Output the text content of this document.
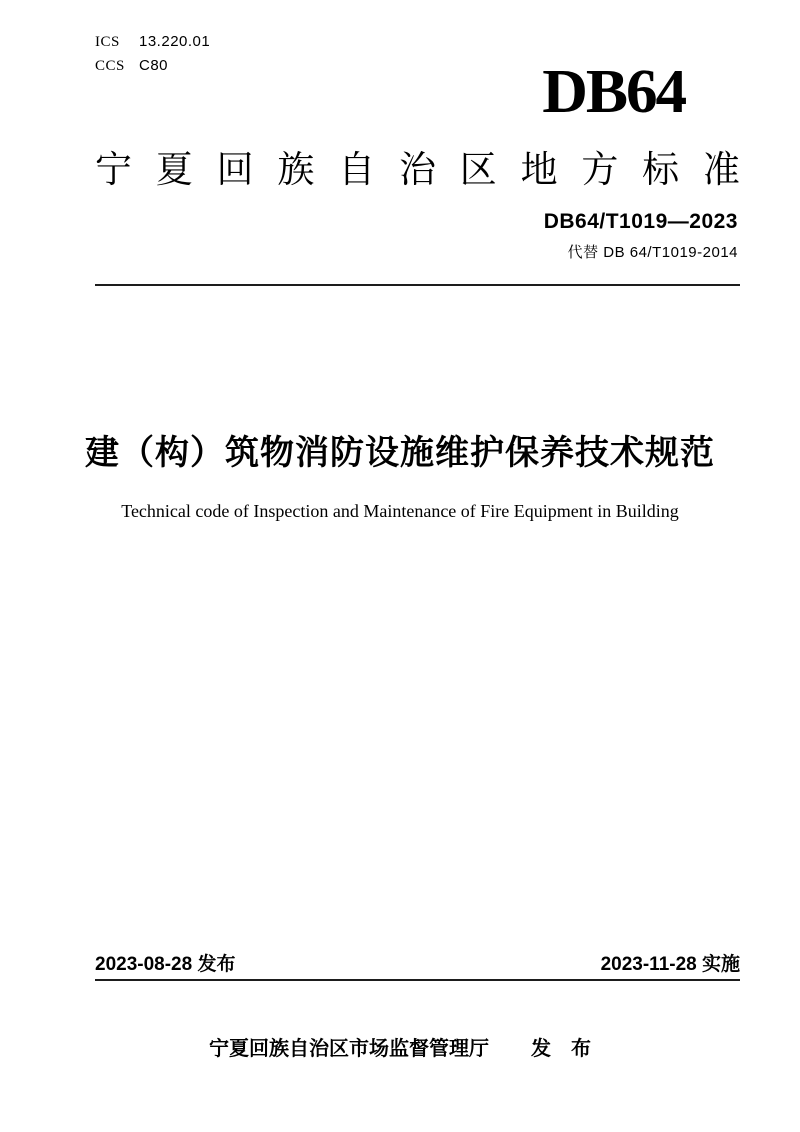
ICS 13.220.01
CCS C80	DB64
宁 夏 回 族 自 治 区 地 方 标 准
DB64/T1019—2023
代替 DB 64/T1019-2014
建（构）筑物消防设施维护保养技术规范
Technical code of Inspection and Maintenance of Fire Equipment in Building
2023-08-28 发布	2023-11-28 实施
宁夏回族自治区市场监督管理厅 发　布
